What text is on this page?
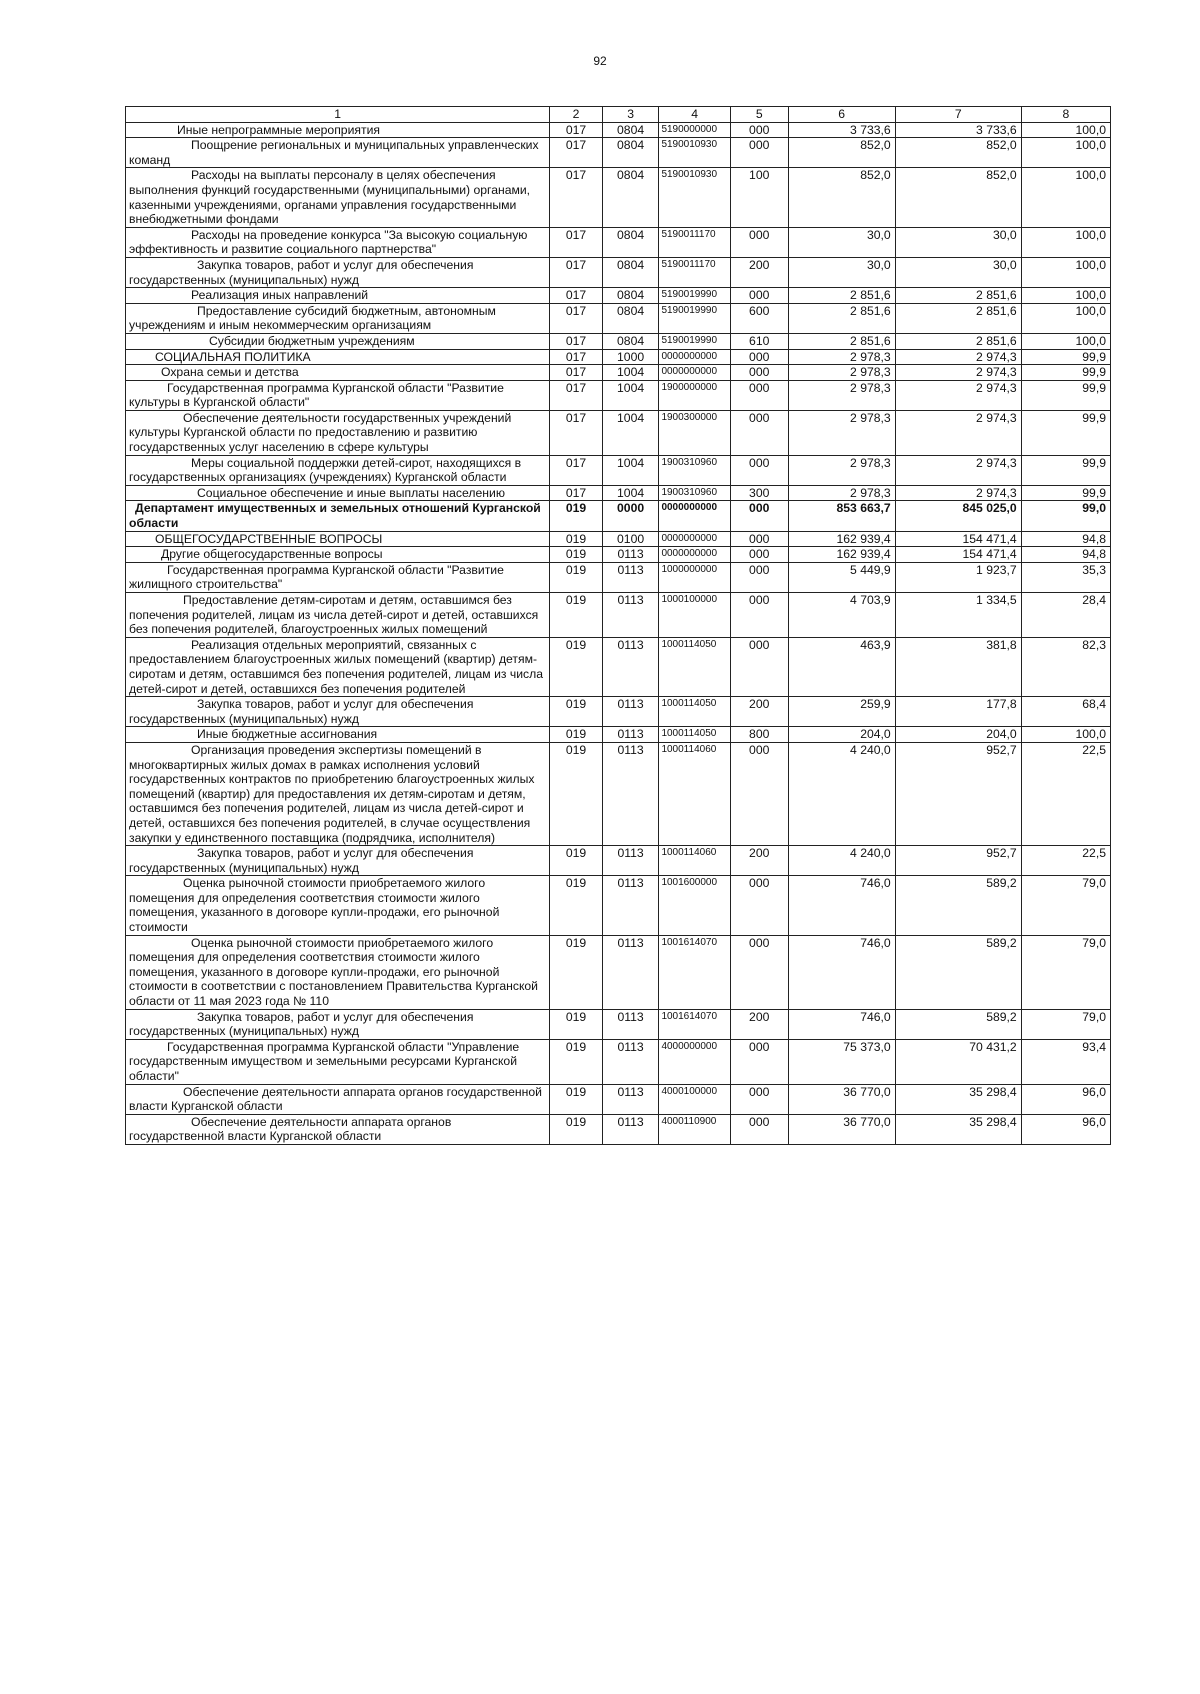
92
1	2	3	4	5	6	7	8

Иные непрограммные мероприятия	017	0804	5190000000	000	3 733,6	3 733,6	100,0

Поощрение региональных и муниципальных управленческих команд	017	0804	5190010930	000	852,0	852,0	100,0

Расходы на выплаты персоналу в целях обеспечения выполнения функций государственными (муниципальными) органами, казенными учреждениями, органами управления государственными внебюджетными фондами	017	0804	5190010930	100	852,0	852,0	100,0

Расходы на проведение конкурса "За высокую социальную эффективность и развитие социального партнерства"	017	0804	5190011170	000	30,0	30,0	100,0

Закупка товаров, работ и услуг для обеспечения государственных (муниципальных) нужд	017	0804	5190011170	200	30,0	30,0	100,0

Реализация иных направлений	017	0804	5190019990	000	2 851,6	2 851,6	100,0

Предоставление субсидий бюджетным, автономным учреждениям и иным некоммерческим организациям	017	0804	5190019990	600	2 851,6	2 851,6	100,0

Субсидии бюджетным учреждениям	017	0804	5190019990	610	2 851,6	2 851,6	100,0

СОЦИАЛЬНАЯ ПОЛИТИКА	017	1000	0000000000	000	2 978,3	2 974,3	99,9

Охрана семьи и детства	017	1004	0000000000	000	2 978,3	2 974,3	99,9

Государственная программа Курганской области "Развитие культуры в Курганской области"	017	1004	1900000000	000	2 978,3	2 974,3	99,9

Обеспечение деятельности государственных учреждений культуры Курганской области по предоставлению и развитию государственных услуг населению в сфере культуры	017	1004	1900300000	000	2 978,3	2 974,3	99,9

Меры социальной поддержки детей-сирот, находящихся в государственных организациях (учреждениях) Курганской области	017	1004	1900310960	000	2 978,3	2 974,3	99,9

Социальное обеспечение и иные выплаты населению	017	1004	1900310960	300	2 978,3	2 974,3	99,9

Департамент имущественных и земельных отношений Курганской области	019	0000	0000000000	000	853 663,7	845 025,0	99,0

ОБЩЕГОСУДАРСТВЕННЫЕ ВОПРОСЫ	019	0100	0000000000	000	162 939,4	154 471,4	94,8

Другие общегосударственные вопросы	019	0113	0000000000	000	162 939,4	154 471,4	94,8

Государственная программа Курганской области "Развитие жилищного строительства"	019	0113	1000000000	000	5 449,9	1 923,7	35,3

Предоставление детям-сиротам и детям, оставшимся без попечения родителей, лицам из числа детей-сирот и детей, оставшихся без попечения родителей, благоустроенных жилых помещений	019	0113	1000100000	000	4 703,9	1 334,5	28,4

Реализация отдельных мероприятий, связанных с предоставлением благоустроенных жилых помещений (квартир) детям-сиротам и детям, оставшимся без попечения родителей, лицам из числа детей-сирот и детей, оставшихся без попечения родителей	019	0113	1000114050	000	463,9	381,8	82,3

Закупка товаров, работ и услуг для обеспечения государственных (муниципальных) нужд	019	0113	1000114050	200	259,9	177,8	68,4

Иные бюджетные ассигнования	019	0113	1000114050	800	204,0	204,0	100,0

Организация проведения экспертизы помещений в многоквартирных жилых домах в рамках исполнения условий государственных контрактов по приобретению благоустроенных жилых помещений (квартир) для предоставления их детям-сиротам и детям, оставшимся без попечения родителей, лицам из числа детей-сирот и детей, оставшихся без попечения родителей, в случае осуществления закупки у единственного поставщика (подрядчика, исполнителя)	019	0113	1000114060	000	4 240,0	952,7	22,5

Закупка товаров, работ и услуг для обеспечения государственных (муниципальных) нужд	019	0113	1000114060	200	4 240,0	952,7	22,5

Оценка рыночной стоимости приобретаемого жилого помещения для определения соответствия стоимости жилого помещения, указанного в договоре купли-продажи, его рыночной стоимости	019	0113	1001600000	000	746,0	589,2	79,0

Оценка рыночной стоимости приобретаемого жилого помещения для определения соответствия стоимости жилого помещения, указанного в договоре купли-продажи, его рыночной стоимости в соответствии с постановлением Правительства Курганской области от 11 мая 2023 года № 110	019	0113	1001614070	000	746,0	589,2	79,0

Закупка товаров, работ и услуг для обеспечения государственных (муниципальных) нужд	019	0113	1001614070	200	746,0	589,2	79,0

Государственная программа Курганской области "Управление государственным имуществом и земельными ресурсами Курганской области"	019	0113	4000000000	000	75 373,0	70 431,2	93,4

Обеспечение деятельности аппарата органов государственной власти Курганской области	019	0113	4000100000	000	36 770,0	35 298,4	96,0

Обеспечение деятельности аппарата органов государственной власти Курганской области	019	0113	4000110900	000	36 770,0	35 298,4	96,0
